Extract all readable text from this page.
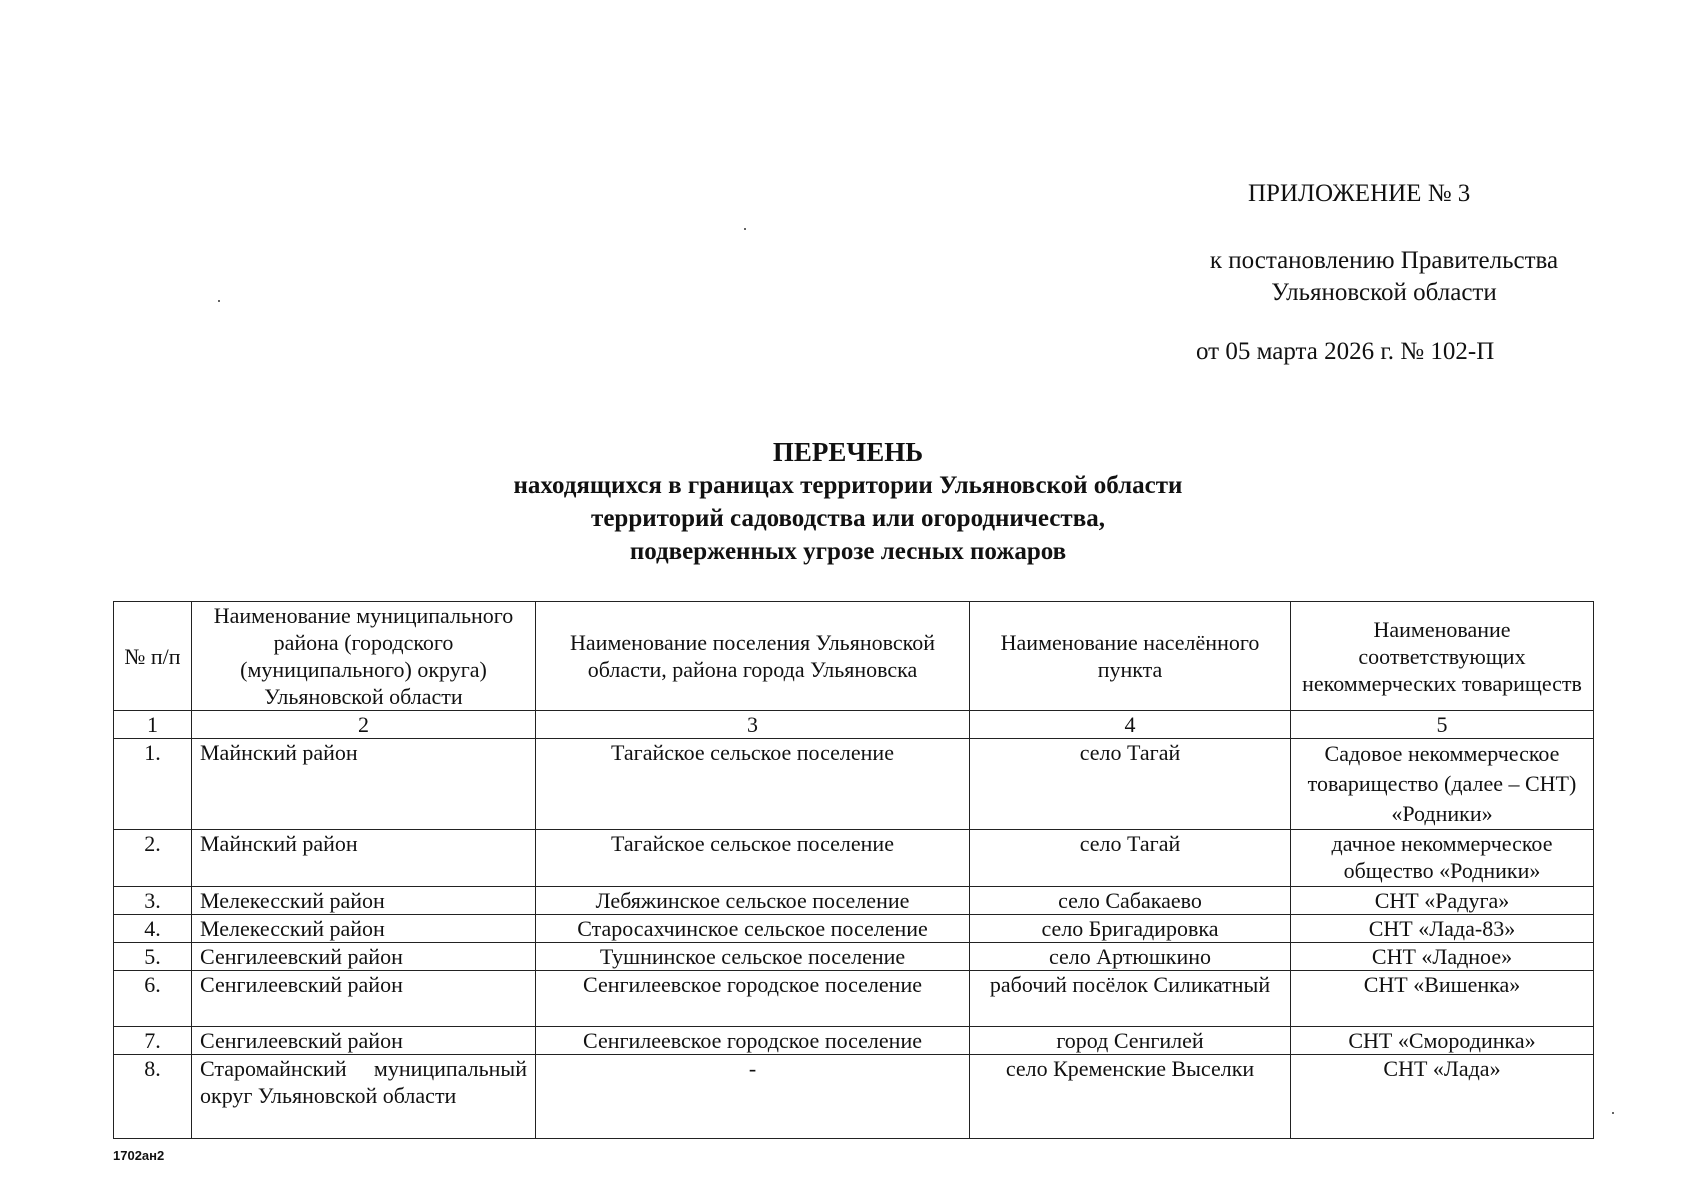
ПРИЛОЖЕНИЕ № 3
к постановлению Правительства
Ульяновской области
от 05 марта 2026 г. № 102-П
ПЕРЕЧЕНЬ
находящихся в границах территории Ульяновской области
территорий садоводства или огородничества,
подверженных угрозе лесных пожаров
№ п/п	Наименование муниципального района (городского (муниципального) округа) Ульяновской области	Наименование поселения Ульяновской области, района города Ульяновска	Наименование населённого пункта	Наименование соответствующих некоммерческих товариществ
1	2	3	4	5
1.	Майнский район	Тагайское сельское поселение	село Тагай	Садовое некоммерческое товарищество (далее – СНТ) «Родники»
2.	Майнский район	Тагайское сельское поселение	село Тагай	дачное некоммерческое общество «Родники»
3.	Мелекесский район	Лебяжинское сельское поселение	село Сабакаево	СНТ «Радуга»
4.	Мелекесский район	Старосахчинское сельское поселение	село Бригадировка	СНТ «Лада-83»
5.	Сенгилеевский район	Тушнинское сельское поселение	село Артюшкино	СНТ «Ладное»
6.	Сенгилеевский район	Сенгилеевское городское поселение	рабочий посёлок Силикатный	СНТ «Вишенка»
7.	Сенгилеевский район	Сенгилеевское городское поселение	город Сенгилей	СНТ «Смородинка»
8.	Старомайнский муниципальный округ Ульяновской области	-	село Кременские Выселки	СНТ «Лада»
1702ан2
